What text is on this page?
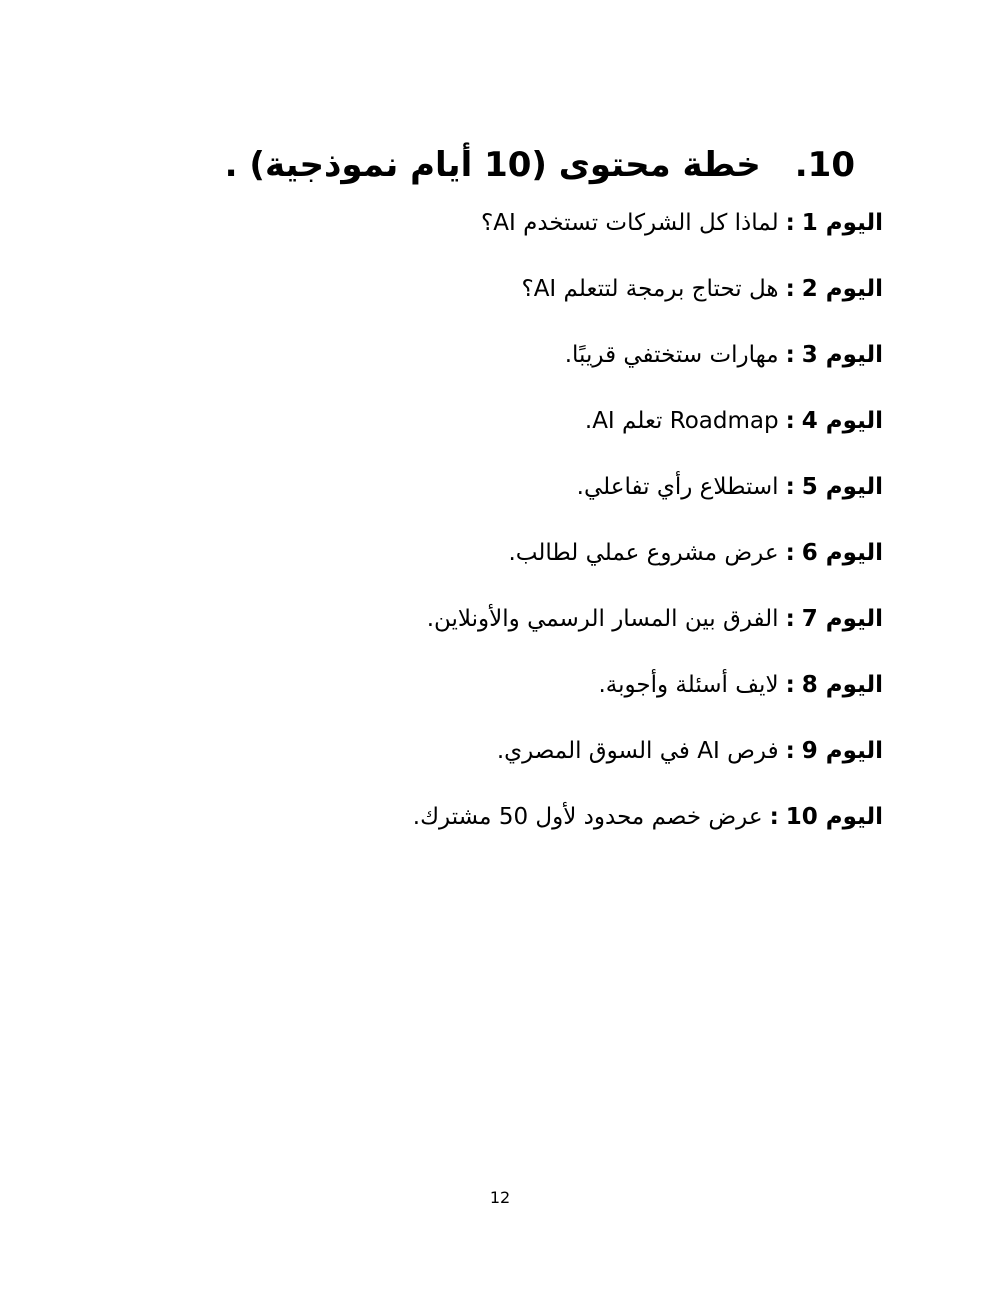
.10
خطة محتوى (10 أيام نموذجية) .
اليوم 1
:
لماذا كل الشركات تستخدم AI؟
اليوم 2
:
هل تحتاج برمجة لتتعلم AI؟
اليوم 3
:
مهارات ستختفي قريبًا.
اليوم 4
:
Roadmap تعلم AI.
اليوم 5
:
استطلاع رأي تفاعلي.
اليوم 6
:
عرض مشروع عملي لطالب.
اليوم 7
:
الفرق بين المسار الرسمي والأونلاين.
اليوم 8
:
لايف أسئلة وأجوبة.
اليوم 9
:
فرص AI في السوق المصري.
اليوم 10
:
عرض خصم محدود لأول 50 مشترك.
12
